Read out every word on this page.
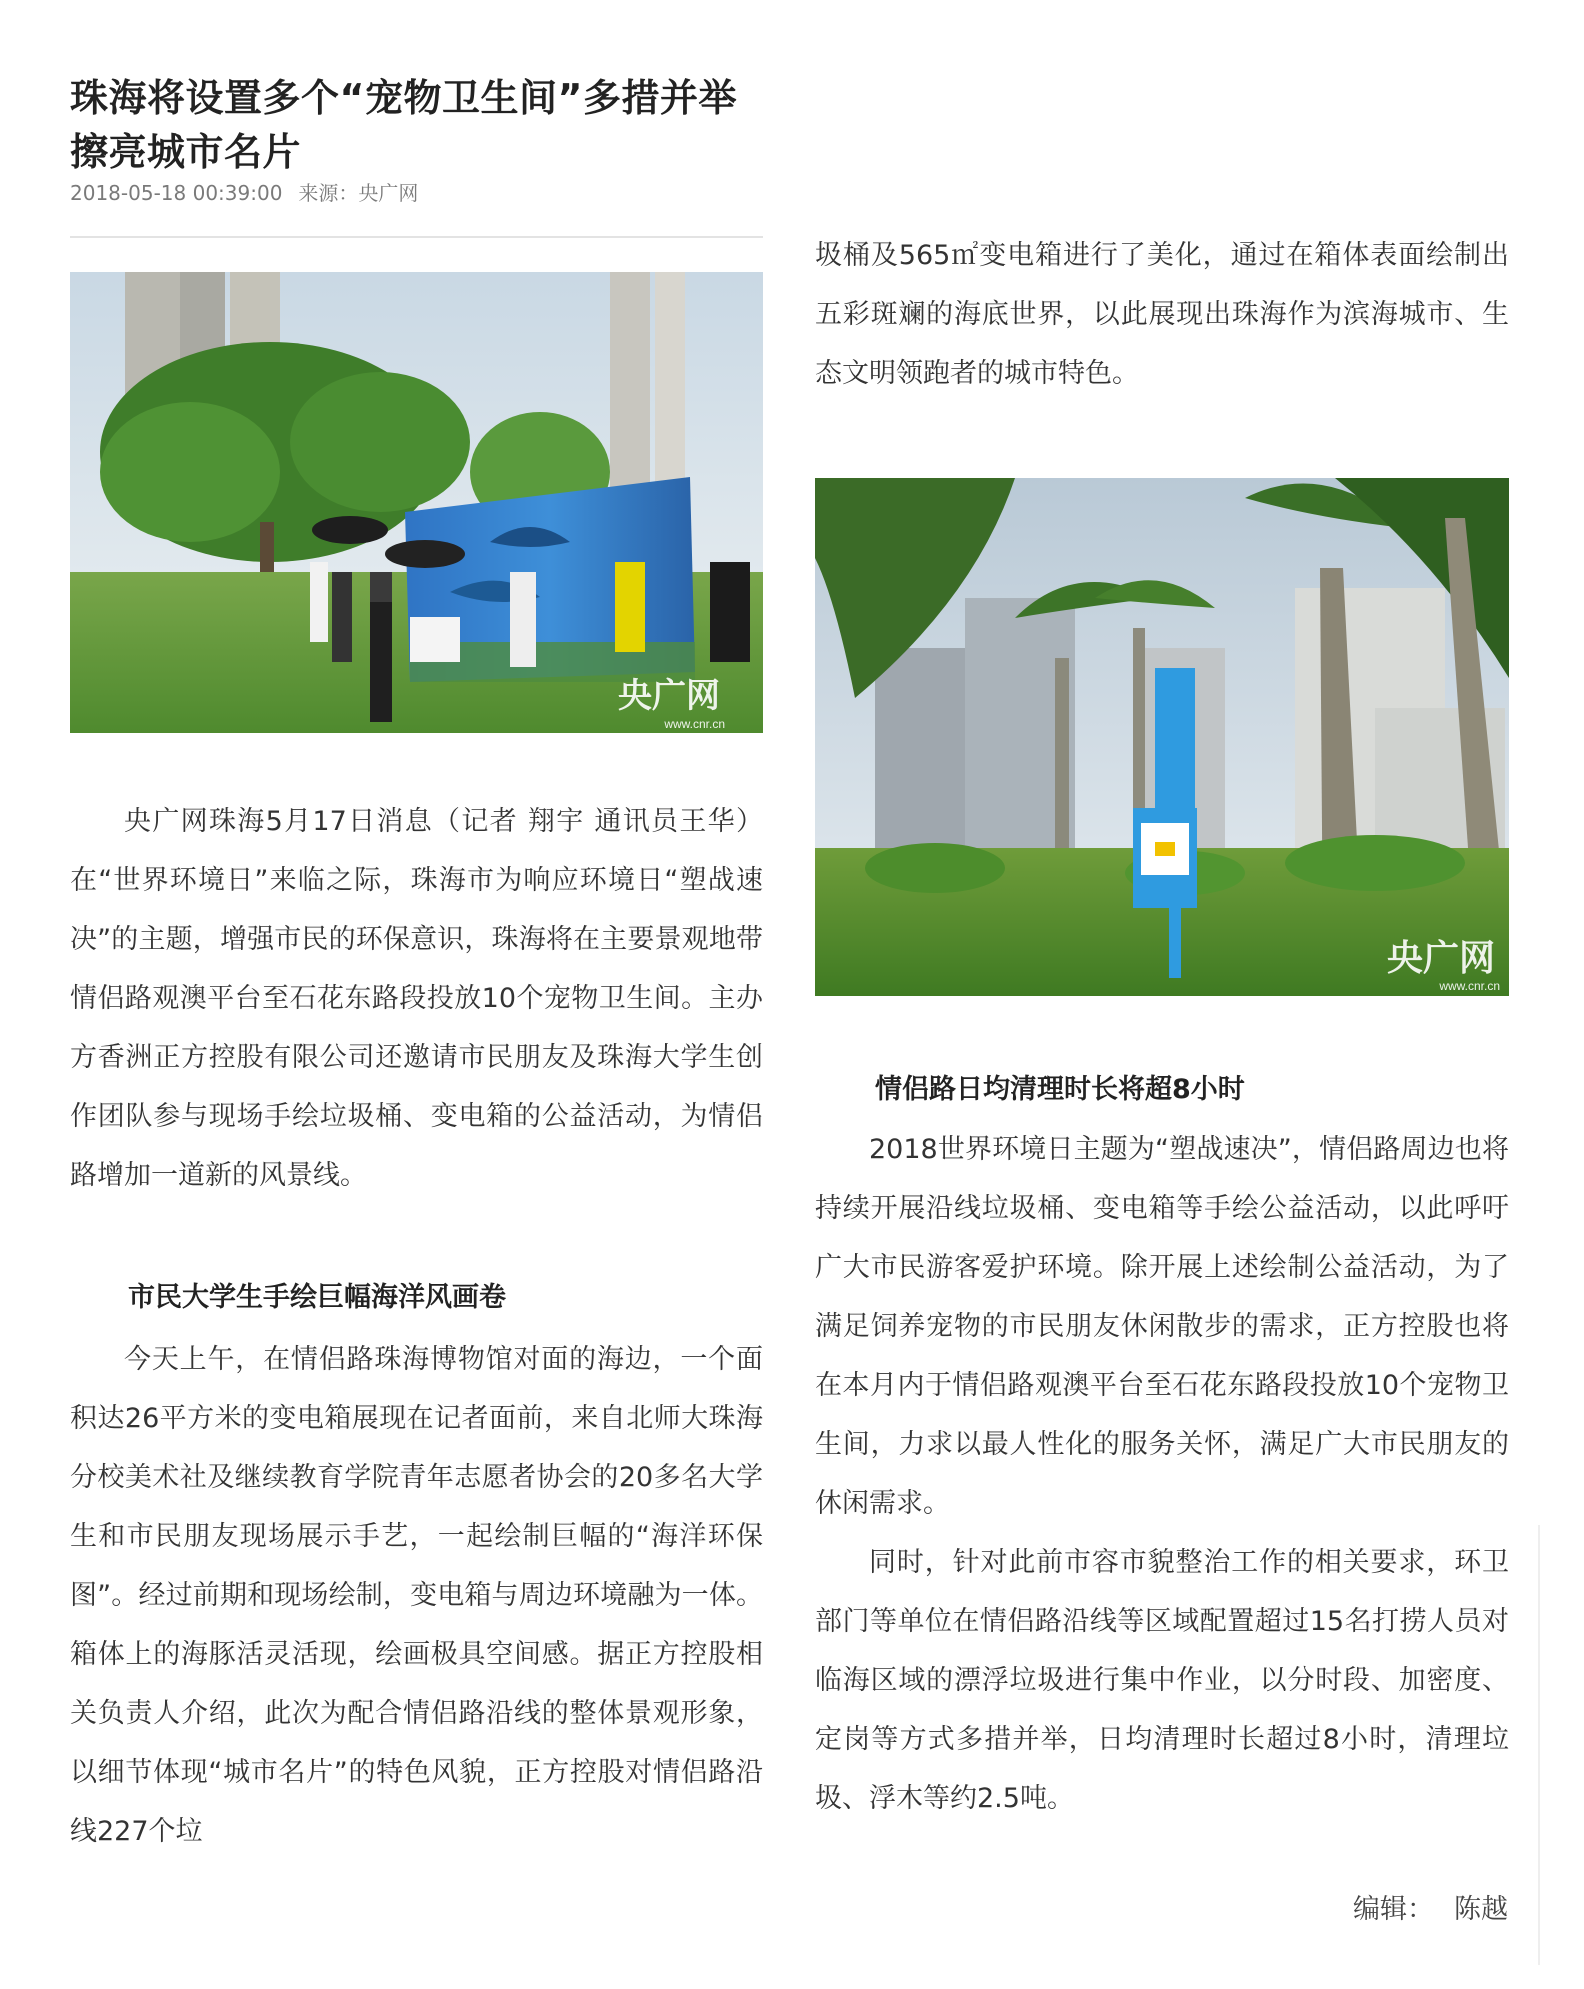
珠海将设置多个“宠物卫生间”多措并举擦亮城市名片
2018-05-18 00:39:00 来源：央广网
央广网
www.cnr.cn

央广网珠海5月17日消息（记者 翔宇 通讯员王华）在“世界环境日”来临之际，珠海市为响应环境日“塑战速决”的主题，增强市民的环保意识，珠海将在主要景观地带情侣路观澳平台至石花东路段投放10个宠物卫生间。主办方香洲正方控股有限公司还邀请市民朋友及珠海大学生创作团队参与现场手绘垃圾桶、变电箱的公益活动，为情侣路增加一道新的风景线。

市民大学生手绘巨幅海洋风画卷

今天上午，在情侣路珠海博物馆对面的海边，一个面积达26平方米的变电箱展现在记者面前，来自北师大珠海分校美术社及继续教育学院青年志愿者协会的20多名大学生和市民朋友现场展示手艺，一起绘制巨幅的“海洋环保图”。经过前期和现场绘制，变电箱与周边环境融为一体。箱体上的海豚活灵活现，绘画极具空间感。据正方控股相关负责人介绍，此次为配合情侣路沿线的整体景观形象，以细节体现“城市名片”的特色风貌，正方控股对情侣路沿线227个垃

圾桶及565㎡变电箱进行了美化，通过在箱体表面绘制出五彩斑斓的海底世界，以此展现出珠海作为滨海城市、生态文明领跑者的城市特色。

央广网
www.cnr.cn

情侣路日均清理时长将超8小时

2018世界环境日主题为“塑战速决”，情侣路周边也将持续开展沿线垃圾桶、变电箱等手绘公益活动，以此呼吁广大市民游客爱护环境。除开展上述绘制公益活动，为了满足饲养宠物的市民朋友休闲散步的需求，正方控股也将在本月内于情侣路观澳平台至石花东路段投放10个宠物卫生间，力求以最人性化的服务关怀，满足广大市民朋友的休闲需求。

同时，针对此前市容市貌整治工作的相关要求，环卫部门等单位在情侣路沿线等区域配置超过15名打捞人员对临海区域的漂浮垃圾进行集中作业，以分时段、加密度、定岗等方式多措并举，日均清理时长超过8小时，清理垃圾、浮木等约2.5吨。

编辑： 陈越
